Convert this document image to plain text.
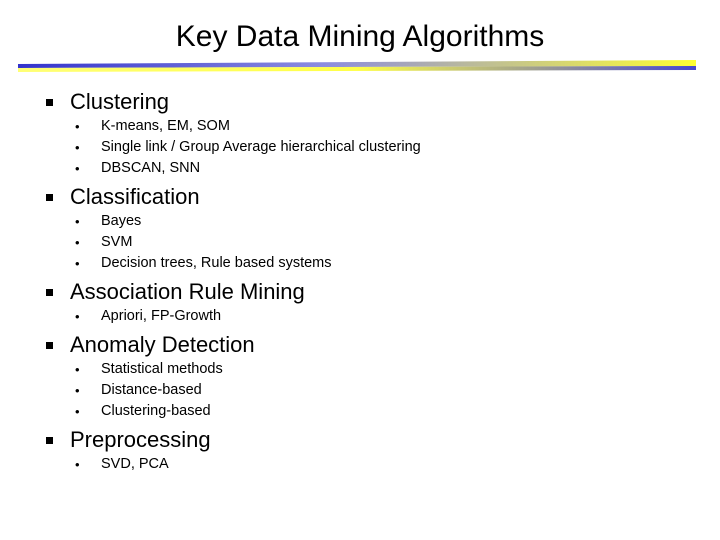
Key Data Mining Algorithms
Clustering
•	K-means, EM, SOM
•	Single link / Group Average hierarchical clustering
•	DBSCAN, SNN
Classification
•	Bayes
•	SVM
•	Decision trees, Rule based systems
Association Rule Mining
•	Apriori, FP-Growth
Anomaly Detection
•	Statistical methods
•	Distance-based
•	Clustering-based
Preprocessing
•	SVD, PCA
